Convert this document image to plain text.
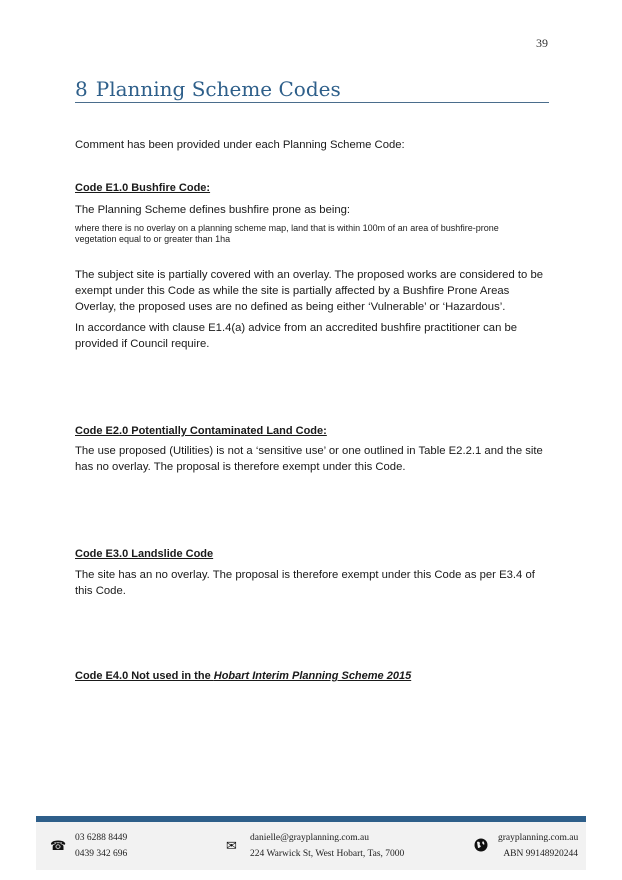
39
8 Planning Scheme Codes
Comment has been provided under each Planning Scheme Code:
Code E1.0 Bushfire Code:
The Planning Scheme defines bushfire prone as being:
where there is no overlay on a planning scheme map, land that is within 100m of an area of bushfire-prone vegetation equal to or greater than 1ha
The subject site is partially covered with an overlay. The proposed works are considered to be exempt under this Code as while the site is partially affected by a Bushfire Prone Areas Overlay, the proposed uses are no defined as being either ‘Vulnerable’ or ‘Hazardous’.
In accordance with clause E1.4(a) advice from an accredited bushfire practitioner can be provided if Council require.
Code E2.0 Potentially Contaminated Land Code:
The use proposed (Utilities) is not a ‘sensitive use’ or one outlined in Table E2.2.1 and the site has no overlay. The proposal is therefore exempt under this Code.
Code E3.0 Landslide Code
The site has an no overlay. The proposal is therefore exempt under this Code as per E3.4 of this Code.
Code E4.0 Not used in the Hobart Interim Planning Scheme 2015
☎ 03 6288 8449
0439 342 696
✉ danielle@grayplanning.com.au
224 Warwick St, West Hobart, Tas, 7000
grayplanning.com.au
ABN 9914892024​4
